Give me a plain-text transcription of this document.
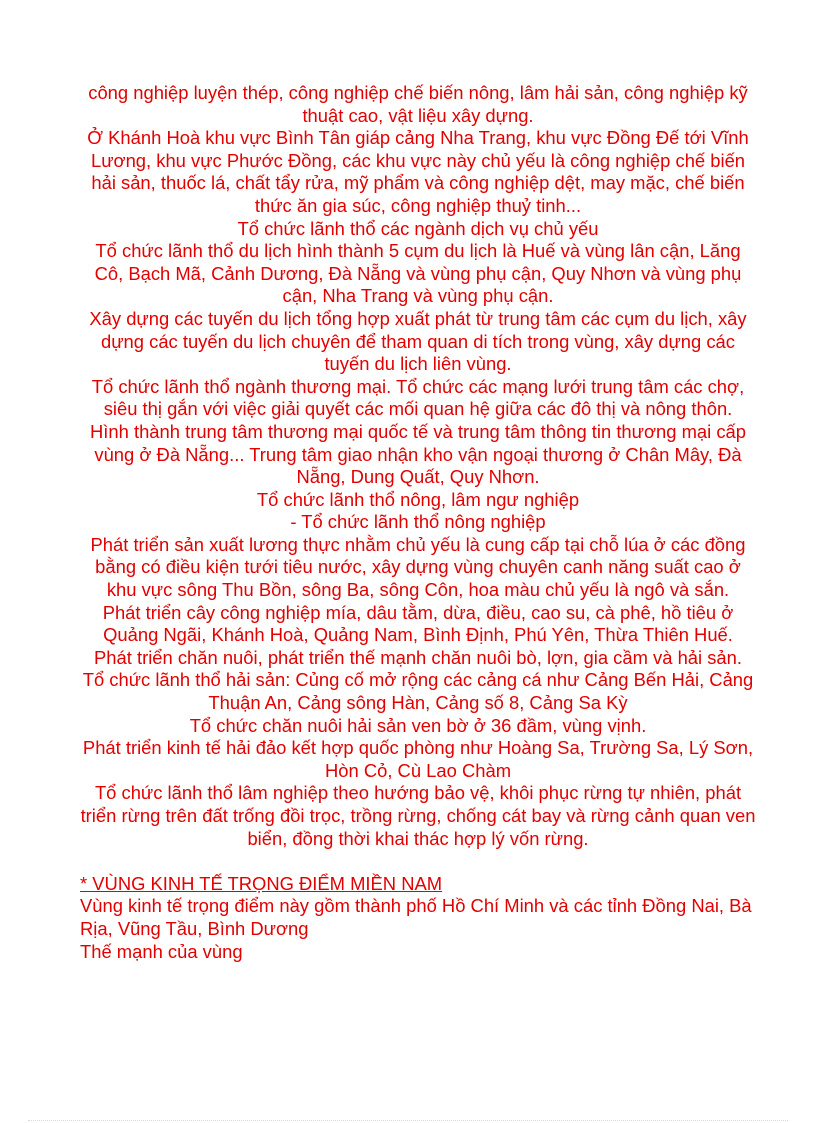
công nghiệp luyện thép, công nghiệp chế biến nông, lâm hải sản, công nghiệp kỹ thuật cao, vật liệu xây dựng.

Ở Khánh Hoà khu vực Bình Tân giáp cảng Nha Trang, khu vực Đồng Đế tới Vĩnh Lương, khu vực Phước Đồng, các khu vực này chủ yếu là công nghiệp chế biến hải sản, thuốc lá, chất tẩy rửa, mỹ phẩm và công nghiệp dệt, may mặc, chế biến thức ăn gia súc, công nghiệp thuỷ tinh...

Tổ chức lãnh thổ các ngành dịch vụ chủ yếu

Tổ chức lãnh thổ du lịch hình thành 5 cụm du lịch là Huế và vùng lân cận, Lăng Cô, Bạch Mã, Cảnh Dương, Đà Nẵng và vùng phụ cận, Quy Nhơn và vùng phụ cận, Nha Trang và vùng phụ cận.

Xây dựng các tuyến du lịch tổng hợp xuất phát từ trung tâm các cụm du lịch, xây dựng các tuyến du lịch chuyên để tham quan di tích trong vùng, xây dựng các tuyến du lịch liên vùng.

Tổ chức lãnh thổ ngành thương mại. Tổ chức các mạng lưới trung tâm các chợ, siêu thị gắn với việc giải quyết các mối quan hệ giữa các đô thị và nông thôn.

Hình thành trung tâm thương mại quốc tế và trung tâm thông tin thương mại cấp vùng ở Đà Nẵng... Trung tâm giao nhận kho vận ngoại thương ở Chân Mây, Đà Nẵng, Dung Quất, Quy Nhơn.

Tổ chức lãnh thổ nông, lâm ngư nghiệp

- Tổ chức lãnh thổ nông nghiệp

Phát triển sản xuất lương thực nhằm chủ yếu là cung cấp tại chỗ lúa ở các đồng bằng có điều kiện tưới tiêu nước, xây dựng vùng chuyên canh năng suất cao ở khu vực sông Thu Bồn, sông Ba, sông Côn, hoa màu chủ yếu là ngô và sắn.

Phát triển cây công nghiệp mía, dâu tằm, dừa, điều, cao su, cà phê, hồ tiêu ở Quảng Ngãi, Khánh Hoà, Quảng Nam, Bình Định, Phú Yên, Thừa Thiên Huế.

Phát triển chăn nuôi, phát triển thế mạnh chăn nuôi bò, lợn, gia cầm và hải sản.

Tổ chức lãnh thổ hải sản: Củng cố mở rộng các cảng cá như Cảng Bến Hải, Cảng Thuận An, Cảng sông Hàn, Cảng số 8, Cảng Sa Kỳ

Tổ chức chăn nuôi hải sản ven bờ ở 36 đầm, vùng vịnh.

Phát triển kinh tế hải đảo kết hợp quốc phòng như Hoàng Sa, Trường Sa, Lý Sơn, Hòn Cỏ, Cù Lao Chàm

Tổ chức lãnh thổ lâm nghiệp theo hướng bảo vệ, khôi phục rừng tự nhiên, phát triển rừng trên đất trống đồi trọc, trồng rừng, chống cát bay và rừng cảnh quan ven biển, đồng thời khai thác hợp lý vốn rừng.

* VÙNG KINH TẾ TRỌNG ĐIỂM MIỀN NAM

Vùng kinh tế trọng điểm này gồm thành phố Hồ Chí Minh và các tỉnh Đồng Nai, Bà Rịa, Vũng Tầu, Bình Dương

Thế mạnh của vùng
